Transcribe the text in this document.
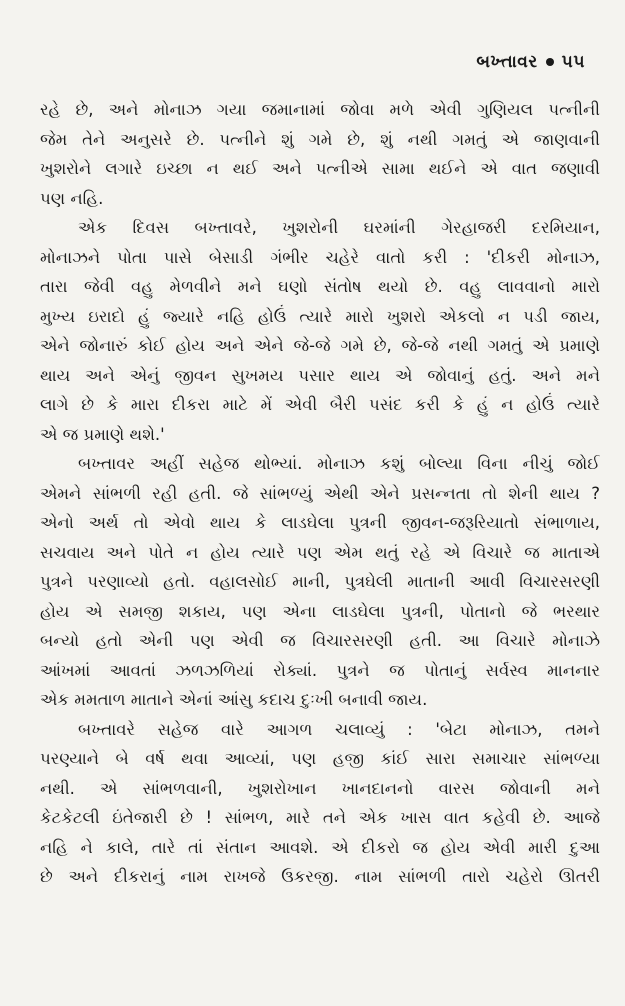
બખ્તાવર ૫૫
રહે છે, અને મોનાઝ ગયા જમાનામાં જોવા મળે એવી ગુણિયલ પત્નીની
જેમ તેને અનુસરે છે. પત્નીને શું ગમે છે, શું નથી ગમતું એ જાણવાની
ખુશરોને લગારે ઇચ્છા ન થઈ અને પત્નીએ સામા થઈને એ વાત જણાવી
પણ નહિ.
એક દિવસ બખ્તાવરે, ખુશરોની ઘરમાંની ગેરહાજરી દરમિયાન,
મોનાઝને પોતા પાસે બેસાડી ગંભીર ચહેરે વાતો કરી : 'દીકરી મોનાઝ,
તારા જેવી વહુ મેળવીને મને ઘણો સંતોષ થયો છે. વહુ લાવવાનો મારો
મુખ્ય ઇરાદો હું જ્યારે નહિ હોઉં ત્યારે મારો ખુશરો એકલો ન પડી જાય,
એને જોનારું કોઈ હોય અને એને જે-જે ગમે છે, જે-જે નથી ગમતું એ પ્રમાણે
થાય અને એનું જીવન સુખમય પસાર થાય એ જોવાનું હતું. અને મને
લાગે છે કે મારા દીકરા માટે મેં એવી બૈરી પસંદ કરી કે હું ન હોઉં ત્યારે
એ જ પ્રમાણે થશે.'
બખ્તાવર અહીં સહેજ થોભ્યાં. મોનાઝ કશું બોલ્યા વિના નીચું જોઈ
એમને સાંભળી રહી હતી. જે સાંભળ્યું એથી એને પ્રસન્નતા તો શેની થાય ?
એનો અર્થ તો એવો થાય કે લાડઘેલા પુત્રની જીવન-જરૂરિયાતો સંભાળાય,
સચવાય અને પોતે ન હોય ત્યારે પણ એમ થતું રહે એ વિચારે જ માતાએ
પુત્રને પરણાવ્યો હતો. વહાલસોઈ માની, પુત્રઘેલી માતાની આવી વિચારસરણી
હોય એ સમજી શકાય, પણ એના લાડઘેલા પુત્રની, પોતાનો જે ભરથાર
બન્યો હતો એની પણ એવી જ વિચારસરણી હતી. આ વિચારે મોનાઝે
આંખમાં આવતાં ઝળઝળિયાં રોક્યાં. પુત્રને જ પોતાનું સર્વસ્વ માનનાર
એક મમતાળ માતાને એનાં આંસુ કદાચ દુઃખી બનાવી જાય.
બખ્તાવરે સહેજ વારે આગળ ચલાવ્યું : 'બેટા મોનાઝ, તમને
પરણ્યાને બે વર્ષ થવા આવ્યાં, પણ હજી કાંઈ સારા સમાચાર સાંભળ્યા
નથી. એ સાંભળવાની, ખુશરોખાન ખાનદાનનો વારસ જોવાની મને
કેટકેટલી ઇંતેજારી છે ! સાંભળ, મારે તને એક ખાસ વાત કહેવી છે. આજે
નહિ ને કાલે, તારે તાં સંતાન આવશે. એ દીકરો જ હોય એવી મારી દુઆ
છે અને દીકરાનું નામ રાખજે ઉકરજી. નામ સાંભળી તારો ચહેરો ઊતરી
